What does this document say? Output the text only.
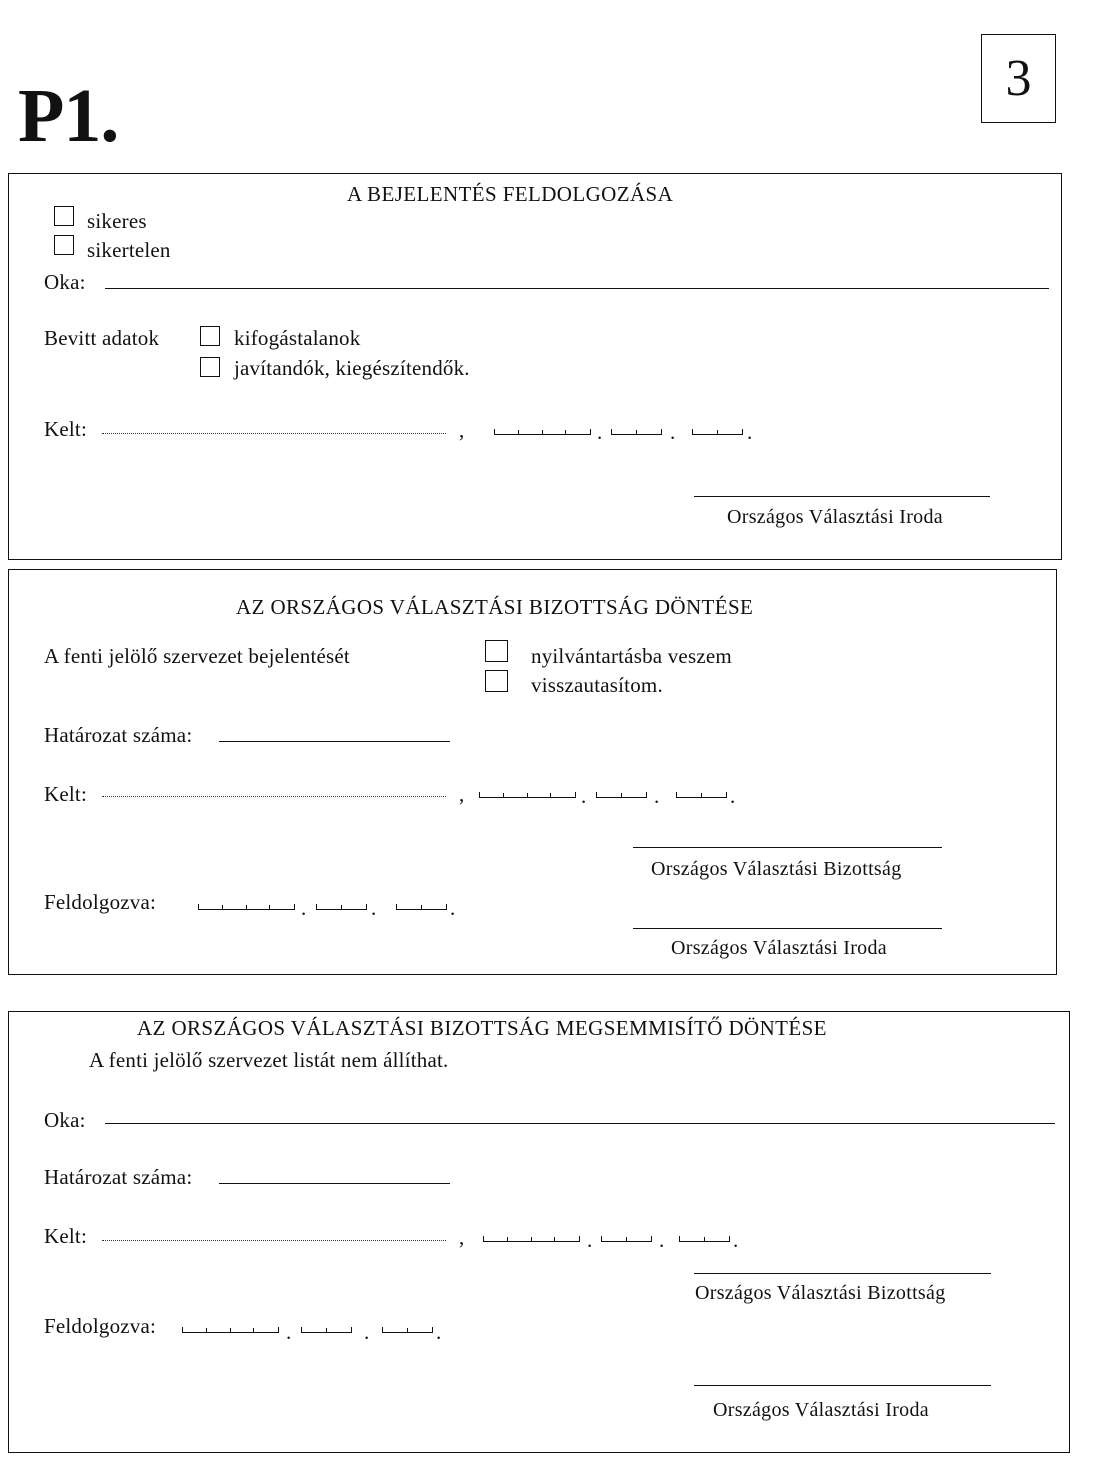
P1.	3
A BEJELENTÉS FELDOLGOZÁSA
sikeres
sikertelen
Oka:
Bevitt adatok	kifogástalanok
javítandók, kiegészítendők.
Kelt:	,	.	.	.
Országos Választási Iroda
AZ ORSZÁGOS VÁLASZTÁSI BIZOTTSÁG DÖNTÉSE
A fenti jelölő szervezet bejelentését	nyilvántartásba veszem
visszautasítom.
Határozat száma:
Kelt:	,	.	.	.
Országos Választási Bizottság
Feldolgozva:	.	.	.
Országos Választási Iroda
AZ ORSZÁGOS VÁLASZTÁSI BIZOTTSÁG MEGSEMMISÍTŐ DÖNTÉSE
A fenti jelölő szervezet listát nem állíthat.
Oka:
Határozat száma:
Kelt:	,	.	.	.
Országos Választási Bizottság
Feldolgozva:	.	.	.
Országos Választási Iroda
